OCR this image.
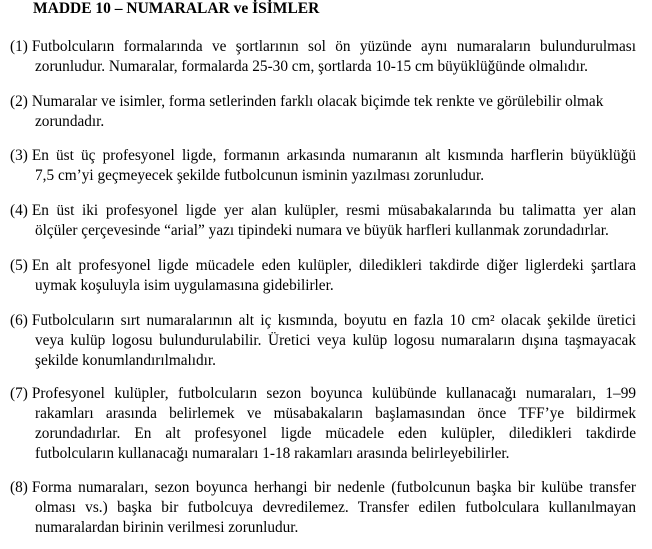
MADDE 10 – NUMARALAR ve İSİMLER
(1) Futbolcuların formalarında ve şortlarının sol ön yüzünde aynı numaraların bulundurulması
zorunludur. Numaralar, formalarda 25-30 cm, şortlarda 10-15 cm büyüklüğünde olmalıdır.
(2) Numaralar ve isimler, forma setlerinden farklı olacak biçimde tek renkte ve görülebilir olmak
zorundadır.
(3) En üst üç profesyonel ligde, formanın arkasında numaranın alt kısmında harflerin büyüklüğü
7,5 cm’yi geçmeyecek şekilde futbolcunun isminin yazılması zorunludur.
(4) En üst iki profesyonel ligde yer alan kulüpler, resmi müsabakalarında bu talimatta yer alan
ölçüler çerçevesinde “arial” yazı tipindeki numara ve büyük harfleri kullanmak zorundadırlar.
(5) En alt profesyonel ligde mücadele eden kulüpler, diledikleri takdirde diğer liglerdeki şartlara
uymak koşuluyla isim uygulamasına gidebilirler.
(6) Futbolcuların sırt numaralarının alt iç kısmında, boyutu en fazla 10 cm² olacak şekilde üretici
veya kulüp logosu bulundurulabilir. Üretici veya kulüp logosu numaraların dışına taşmayacak
şekilde konumlandırılmalıdır.
(7) Profesyonel kulüpler, futbolcuların sezon boyunca kulübünde kullanacağı numaraları, 1–99
rakamları arasında belirlemek ve müsabakaların başlamasından önce TFF’ye bildirmek
zorundadırlar. En alt profesyonel ligde mücadele eden kulüpler, diledikleri takdirde
futbolcuların kullanacağı numaraları 1-18 rakamları arasında belirleyebilirler.
(8) Forma numaraları, sezon boyunca herhangi bir nedenle (futbolcunun başka bir kulübe transfer
olması vs.) başka bir futbolcuya devredilemez. Transfer edilen futbolculara kullanılmayan
numaralardan birinin verilmesi zorunludur.
